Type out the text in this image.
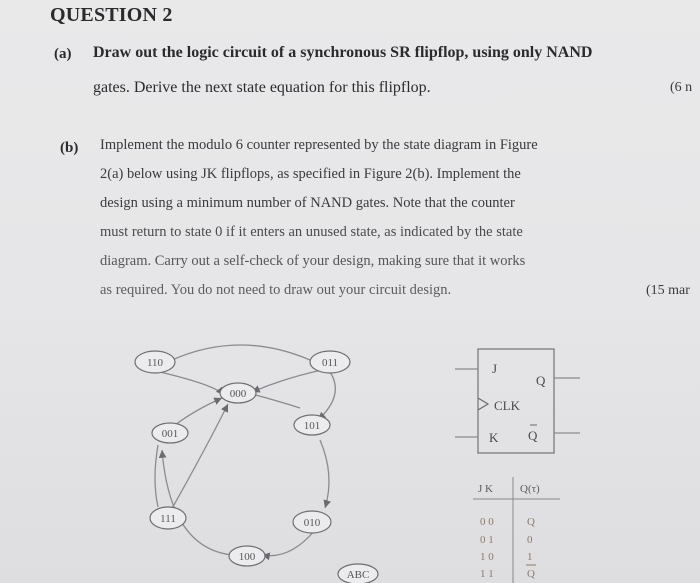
QUESTION 2
(a) Draw out the logic circuit of a synchronous SR flipflop, using only NAND
gates. Derive the next state equation for this flipflop.	(6 n
(b) Implement the modulo 6 counter represented by the state diagram in Figure
2(a) below using JK flipflops, as specified in Figure 2(b). Implement the
design using a minimum number of NAND gates. Note that the counter
must return to state 0 if it enters an unused state, as indicated by the state
diagram. Carry out a self-check of your design, making sure that it works
as required. You do not need to draw out your circuit design.	(15 mar
110	011
000
001
101
111	010
100
ABC
J
K
CLK
Q
Q
J K Q(τ)
0 0	Q
0 1	0
1 0	1
1 1	Q
